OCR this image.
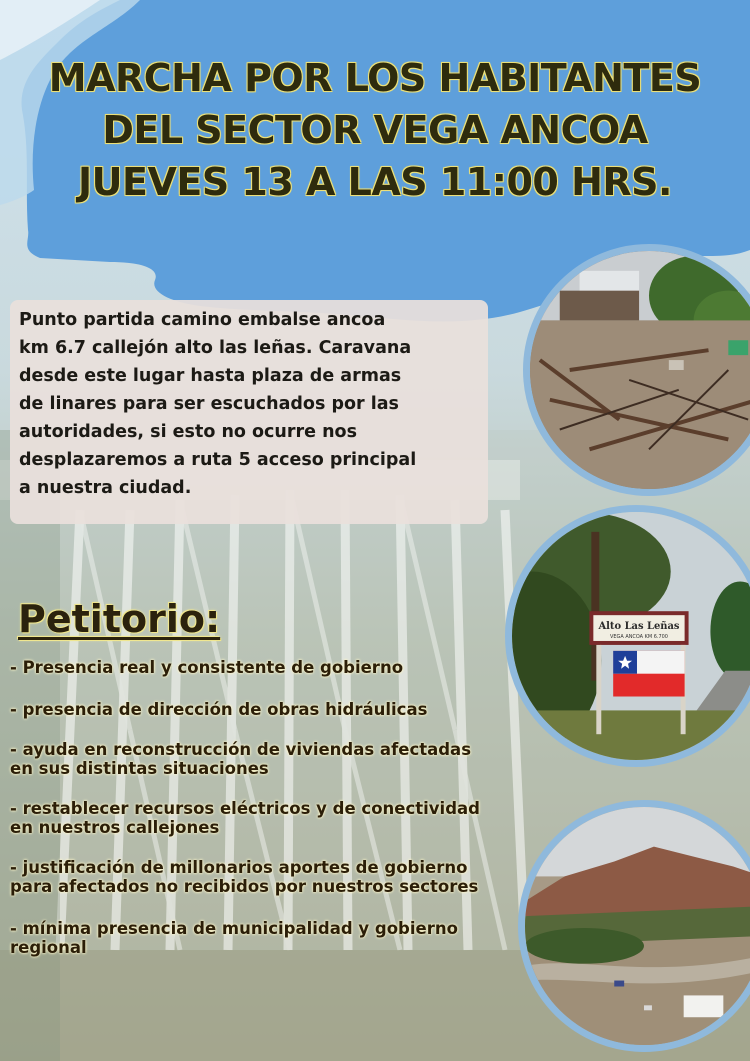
MARCHA POR LOS HABITANTES
DEL SECTOR VEGA ANCOA
JUEVES 13 A LAS 11:00 HRS.
Punto partida camino embalse ancoa
km 6.7 callejón alto las leñas. Caravana
desde este lugar hasta plaza de armas
de linares para ser escuchados por las
autoridades, si esto no ocurre nos
desplazaremos a ruta 5 acceso principal
a nuestra ciudad.
Petitorio:
- Presencia real y consistente de gobierno
- presencia de dirección de obras hidráulicas
- ayuda en reconstrucción de viviendas afectadas
en sus distintas situaciones
- restablecer recursos eléctricos y de conectividad
en nuestros callejones
- justificación de millonarios aportes de gobierno
para afectados no recibidos por nuestros sectores
- mínima presencia de municipalidad y gobierno
regional
Alto Las Leñas
VEGA ANCOA KM 6.700
